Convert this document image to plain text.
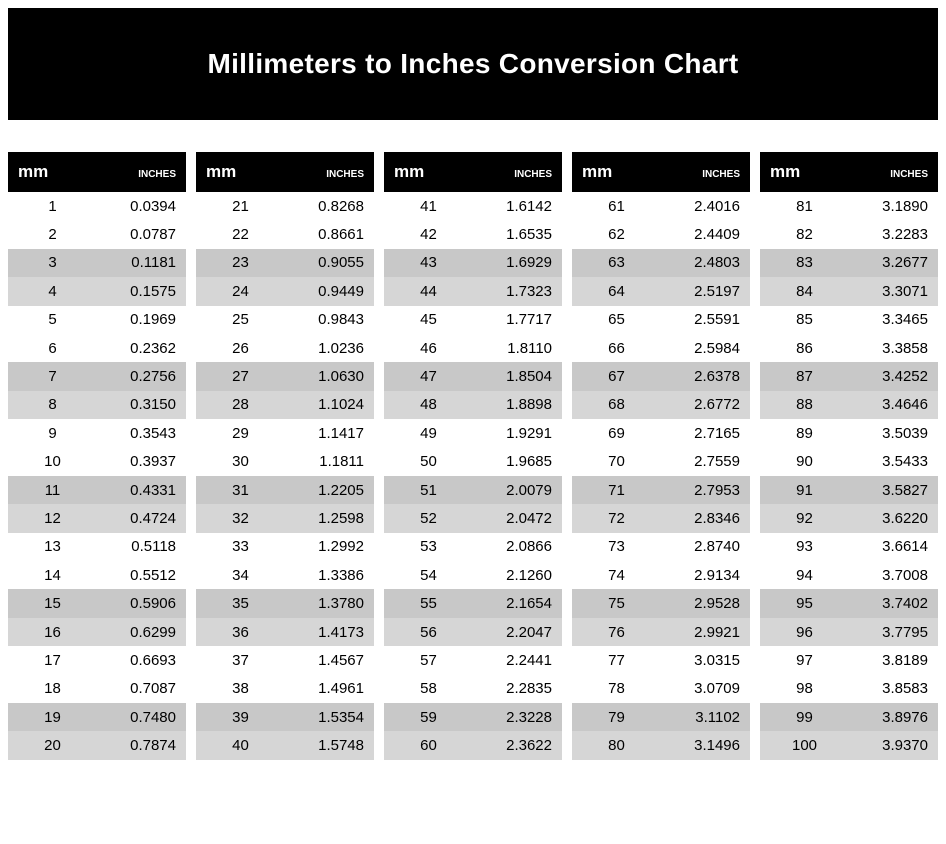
Millimeters to Inches Conversion Chart
mm	inches
1	0.0394
2	0.0787
3	0.1181
4	0.1575
5	0.1969
6	0.2362
7	0.2756
8	0.3150
9	0.3543
10	0.3937
11	0.4331
12	0.4724
13	0.5118
14	0.5512
15	0.5906
16	0.6299
17	0.6693
18	0.7087
19	0.7480
20	0.7874
mm	inches
21	0.8268
22	0.8661
23	0.9055
24	0.9449
25	0.9843
26	1.0236
27	1.0630
28	1.1024
29	1.1417
30	1.1811
31	1.2205
32	1.2598
33	1.2992
34	1.3386
35	1.3780
36	1.4173
37	1.4567
38	1.4961
39	1.5354
40	1.5748
mm	inches
41	1.6142
42	1.6535
43	1.6929
44	1.7323
45	1.7717
46	1.8110
47	1.8504
48	1.8898
49	1.9291
50	1.9685
51	2.0079
52	2.0472
53	2.0866
54	2.1260
55	2.1654
56	2.2047
57	2.2441
58	2.2835
59	2.3228
60	2.3622
mm	inches
61	2.4016
62	2.4409
63	2.4803
64	2.5197
65	2.5591
66	2.5984
67	2.6378
68	2.6772
69	2.7165
70	2.7559
71	2.7953
72	2.8346
73	2.8740
74	2.9134
75	2.9528
76	2.9921
77	3.0315
78	3.0709
79	3.1102
80	3.1496
mm	inches
81	3.1890
82	3.2283
83	3.2677
84	3.3071
85	3.3465
86	3.3858
87	3.4252
88	3.4646
89	3.5039
90	3.5433
91	3.5827
92	3.6220
93	3.6614
94	3.7008
95	3.7402
96	3.7795
97	3.8189
98	3.8583
99	3.8976
100	3.9370
